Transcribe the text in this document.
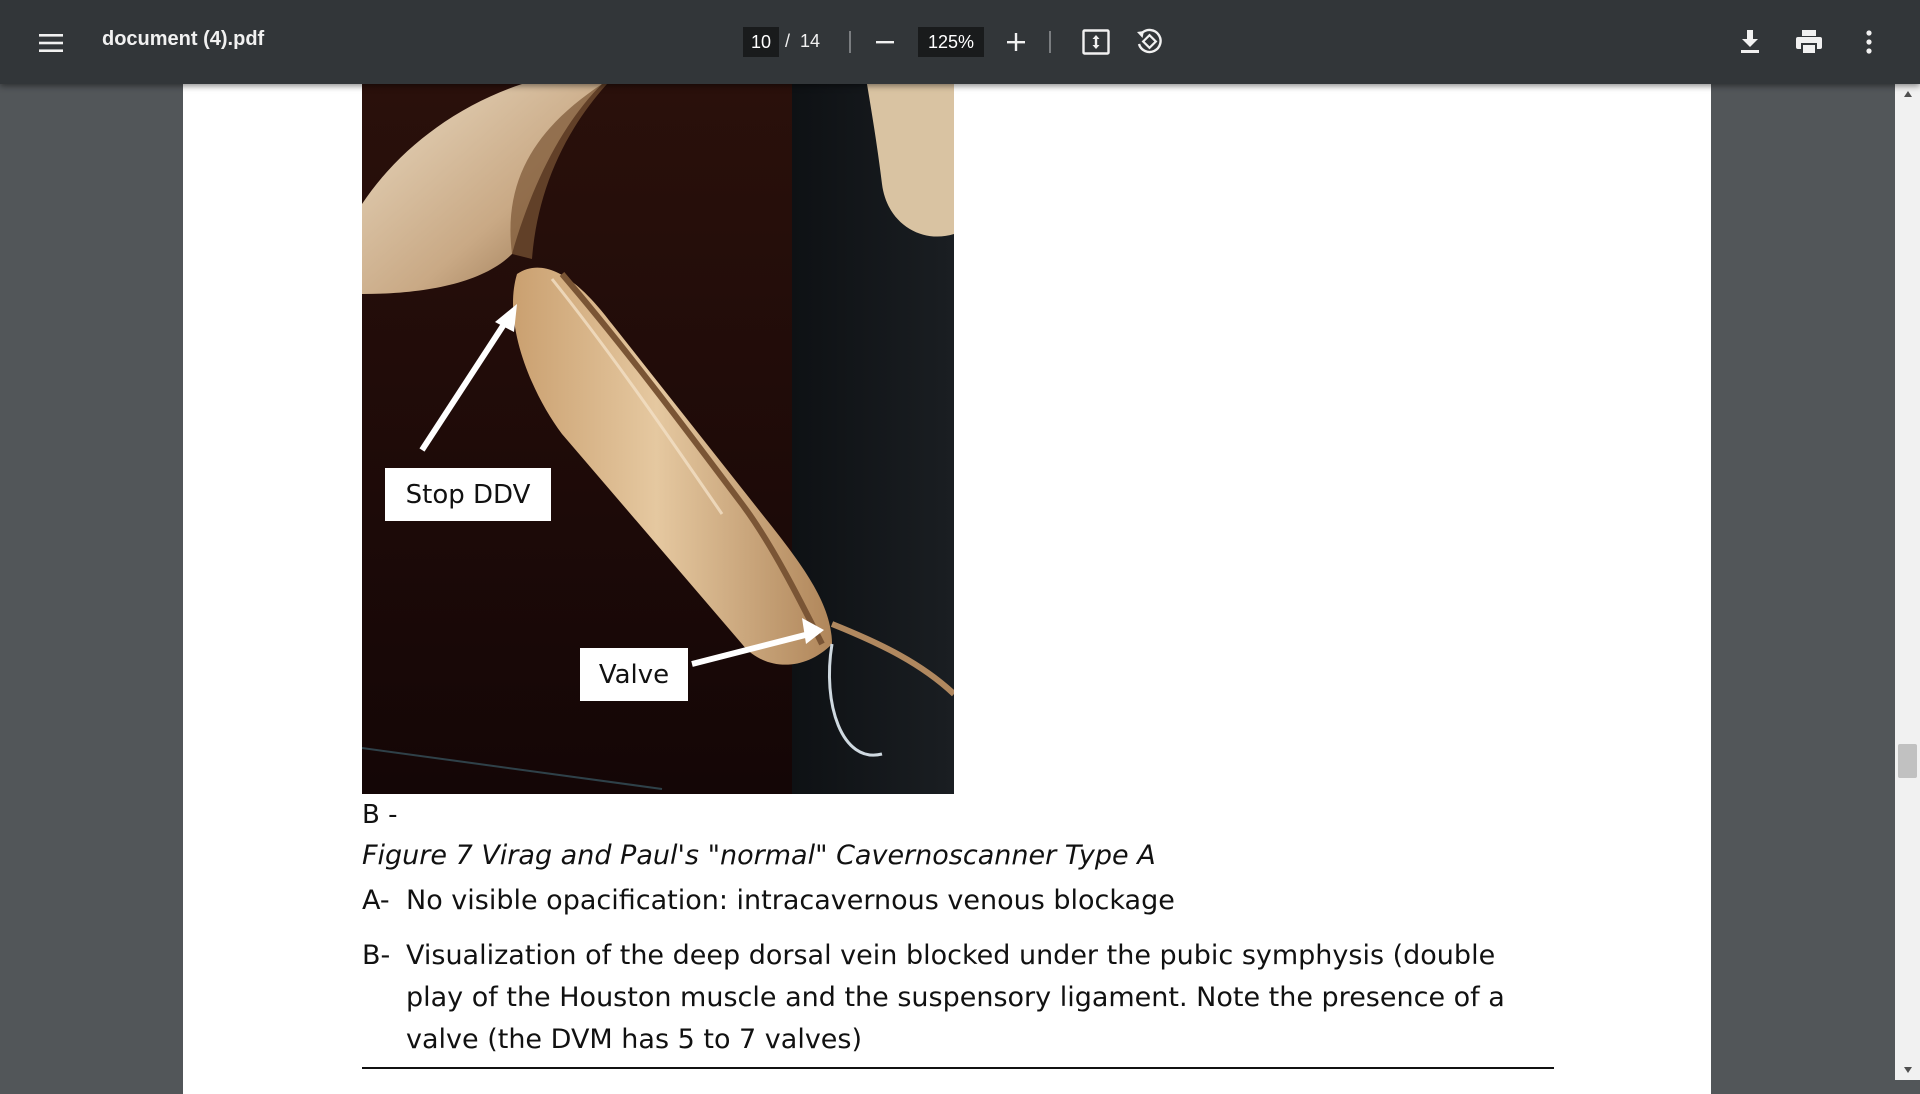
document (4).pdf
10	/ 14
125%
Stop DDV
Valve
B -
Figure 7 Virag and Paul's "normal" Cavernoscanner Type A
A- No visible opacification: intracavernous venous blockage
B- Visualization of the deep dorsal vein blocked under the pubic symphysis (double play of the Houston muscle and the suspensory ligament. Note the presence of a valve (the DVM has 5 to 7 valves)
